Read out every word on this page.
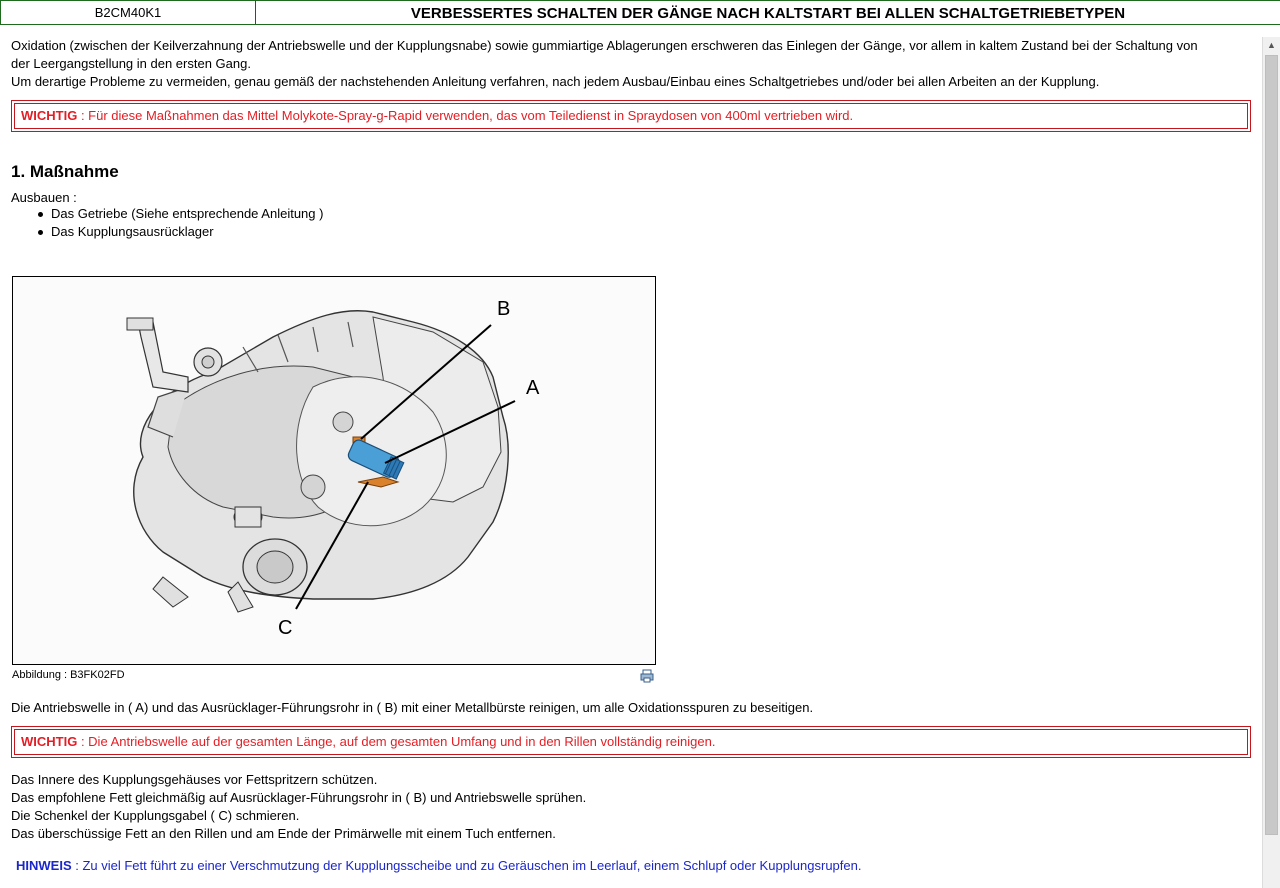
B2CM40K1	VERBESSERTES SCHALTEN DER GÄNGE NACH KALTSTART BEI ALLEN SCHALTGETRIEBETYPEN
Oxidation (zwischen der Keilverzahnung der Antriebswelle und der Kupplungsnabe) sowie gummiartige Ablagerungen erschweren das Einlegen der Gänge, vor allem in kaltem Zustand bei der Schaltung von
der Leergangstellung in den ersten Gang.
Um derartige Probleme zu vermeiden, genau gemäß der nachstehenden Anleitung verfahren, nach jedem Ausbau/Einbau eines Schaltgetriebes und/oder bei allen Arbeiten an der Kupplung.
WICHTIG : Für diese Maßnahmen das Mittel Molykote-Spray-g-Rapid verwenden, das vom Teiledienst in Spraydosen von 400ml vertrieben wird.
1. Maßnahme
Ausbauen :
Das Getriebe (Siehe entsprechende Anleitung )
Das Kupplungsausrücklager
B
A
C
Abbildung : B3FK02FD
Die Antriebswelle in ( A) und das Ausrücklager-Führungsrohr in ( B) mit einer Metallbürste reinigen, um alle Oxidationsspuren zu beseitigen.
WICHTIG : Die Antriebswelle auf der gesamten Länge, auf dem gesamten Umfang und in den Rillen vollständig reinigen.
Das Innere des Kupplungsgehäuses vor Fettspritzern schützen.
Das empfohlene Fett gleichmäßig auf Ausrücklager-Führungsrohr in ( B) und Antriebswelle sprühen.
Die Schenkel der Kupplungsgabel ( C) schmieren.
Das überschüssige Fett an den Rillen und am Ende der Primärwelle mit einem Tuch entfernen.
HINWEIS : Zu viel Fett führt zu einer Verschmutzung der Kupplungsscheibe und zu Geräuschen im Leerlauf, einem Schlupf oder Kupplungsrupfen.
▲
